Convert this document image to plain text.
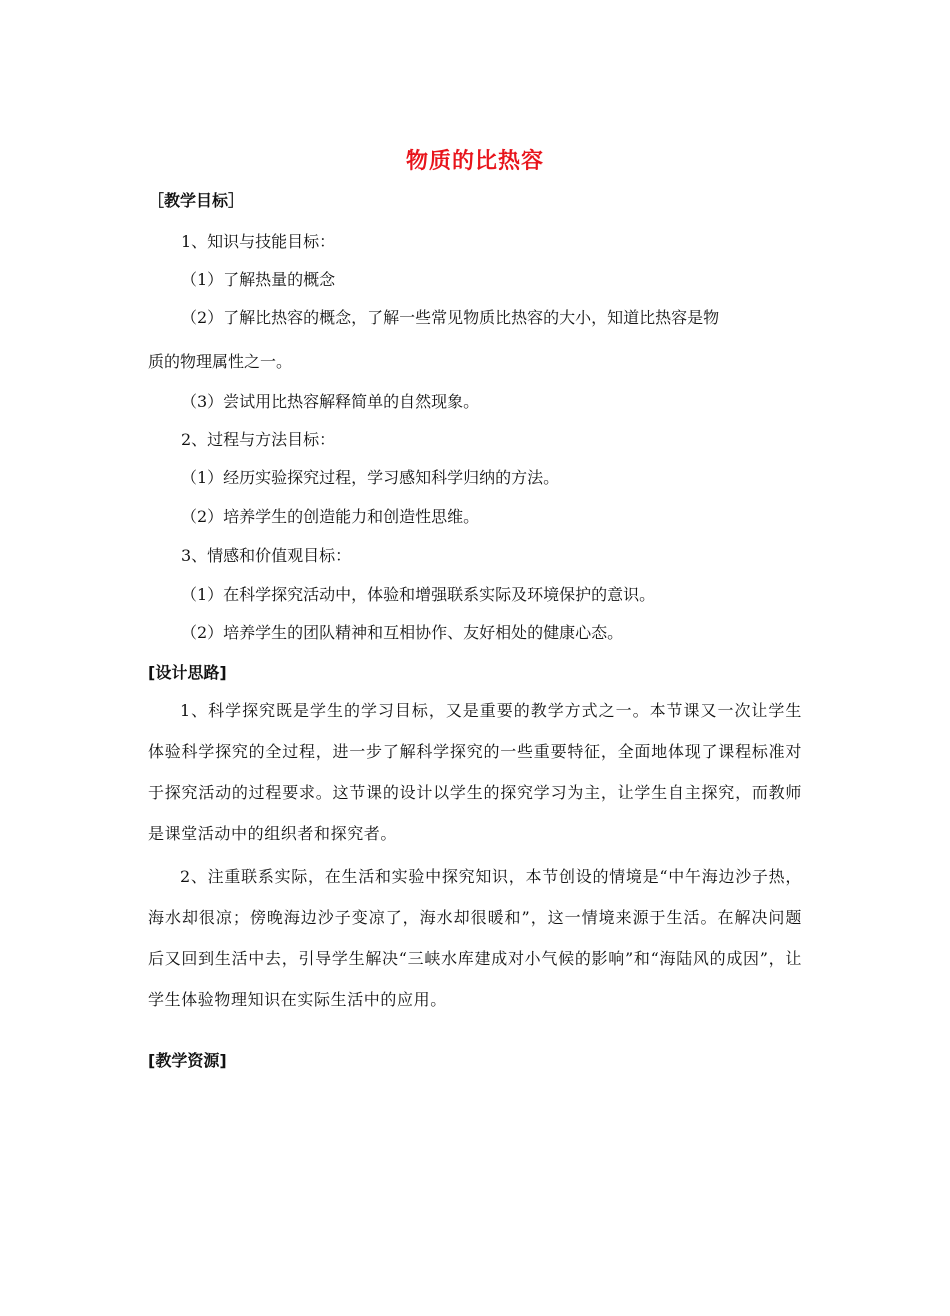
物质的比热容
［教学目标］
1、知识与技能目标：
（1）了解热量的概念
（2）了解比热容的概念，了解一些常见物质比热容的大小，知道比热容是物
质的物理属性之一。
（3）尝试用比热容解释简单的自然现象。
2、过程与方法目标：
（1）经历实验探究过程，学习感知科学归纳的方法。
（2）培养学生的创造能力和创造性思维。
3、情感和价值观目标：
（1）在科学探究活动中，体验和增强联系实际及环境保护的意识。
（2）培养学生的团队精神和互相协作、友好相处的健康心态。
[设计思路]
1、科学探究既是学生的学习目标，又是重要的教学方式之一。本节课又一次让学生体验科学探究的全过程，进一步了解科学探究的一些重要特征，全面地体现了课程标准对于探究活动的过程要求。这节课的设计以学生的探究学习为主，让学生自主探究，而教师是课堂活动中的组织者和探究者。
2、注重联系实际，在生活和实验中探究知识，本节创设的情境是“中午海边沙子热，海水却很凉；傍晚海边沙子变凉了，海水却很暖和”，这一情境来源于生活。在解决问题后又回到生活中去，引导学生解决“三峡水库建成对小气候的影响”和“海陆风的成因”，让学生体验物理知识在实际生活中的应用。
[教学资源]
